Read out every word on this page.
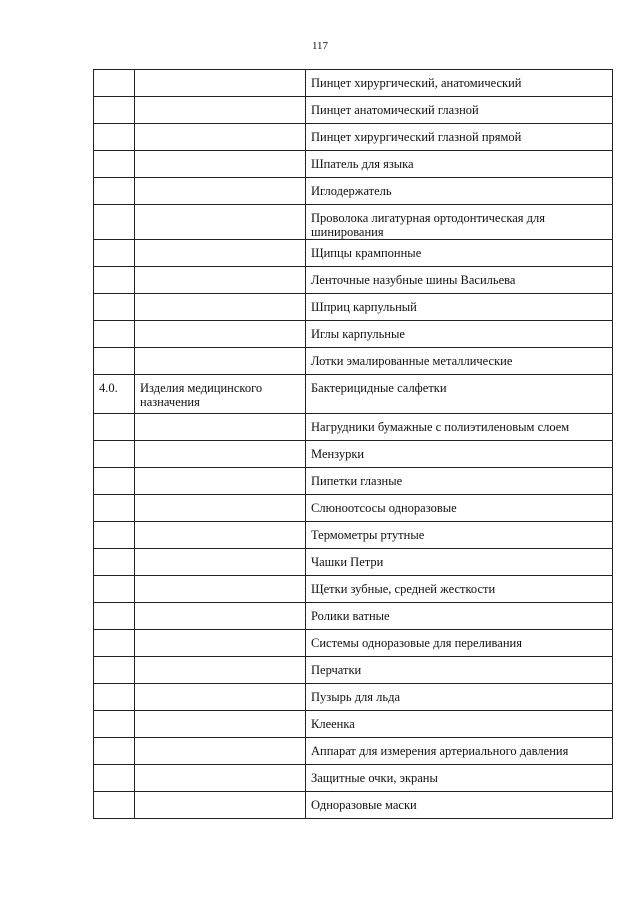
117
		Пинцет хирургический, анатомический
		Пинцет анатомический глазной
		Пинцет хирургический глазной прямой
		Шпатель для языка
		Иглодержатель
		Проволока лигатурная ортодонтическая для шинирования
		Щипцы крампонные
		Ленточные назубные шины Васильева
		Шприц карпульный
		Иглы карпульные
		Лотки эмалированные металлические
4.0.	Изделия медицинского назначения	Бактерицидные салфетки
		Нагрудники бумажные с полиэтиленовым слоем
		Мензурки
		Пипетки глазные
		Слюноотсосы одноразовые
		Термометры ртутные
		Чашки Петри
		Щетки зубные, средней жесткости
		Ролики ватные
		Системы одноразовые для переливания
		Перчатки
		Пузырь для льда
		Клеенка
		Аппарат для измерения артериального давления
		Защитные очки, экраны
		Одноразовые маски
